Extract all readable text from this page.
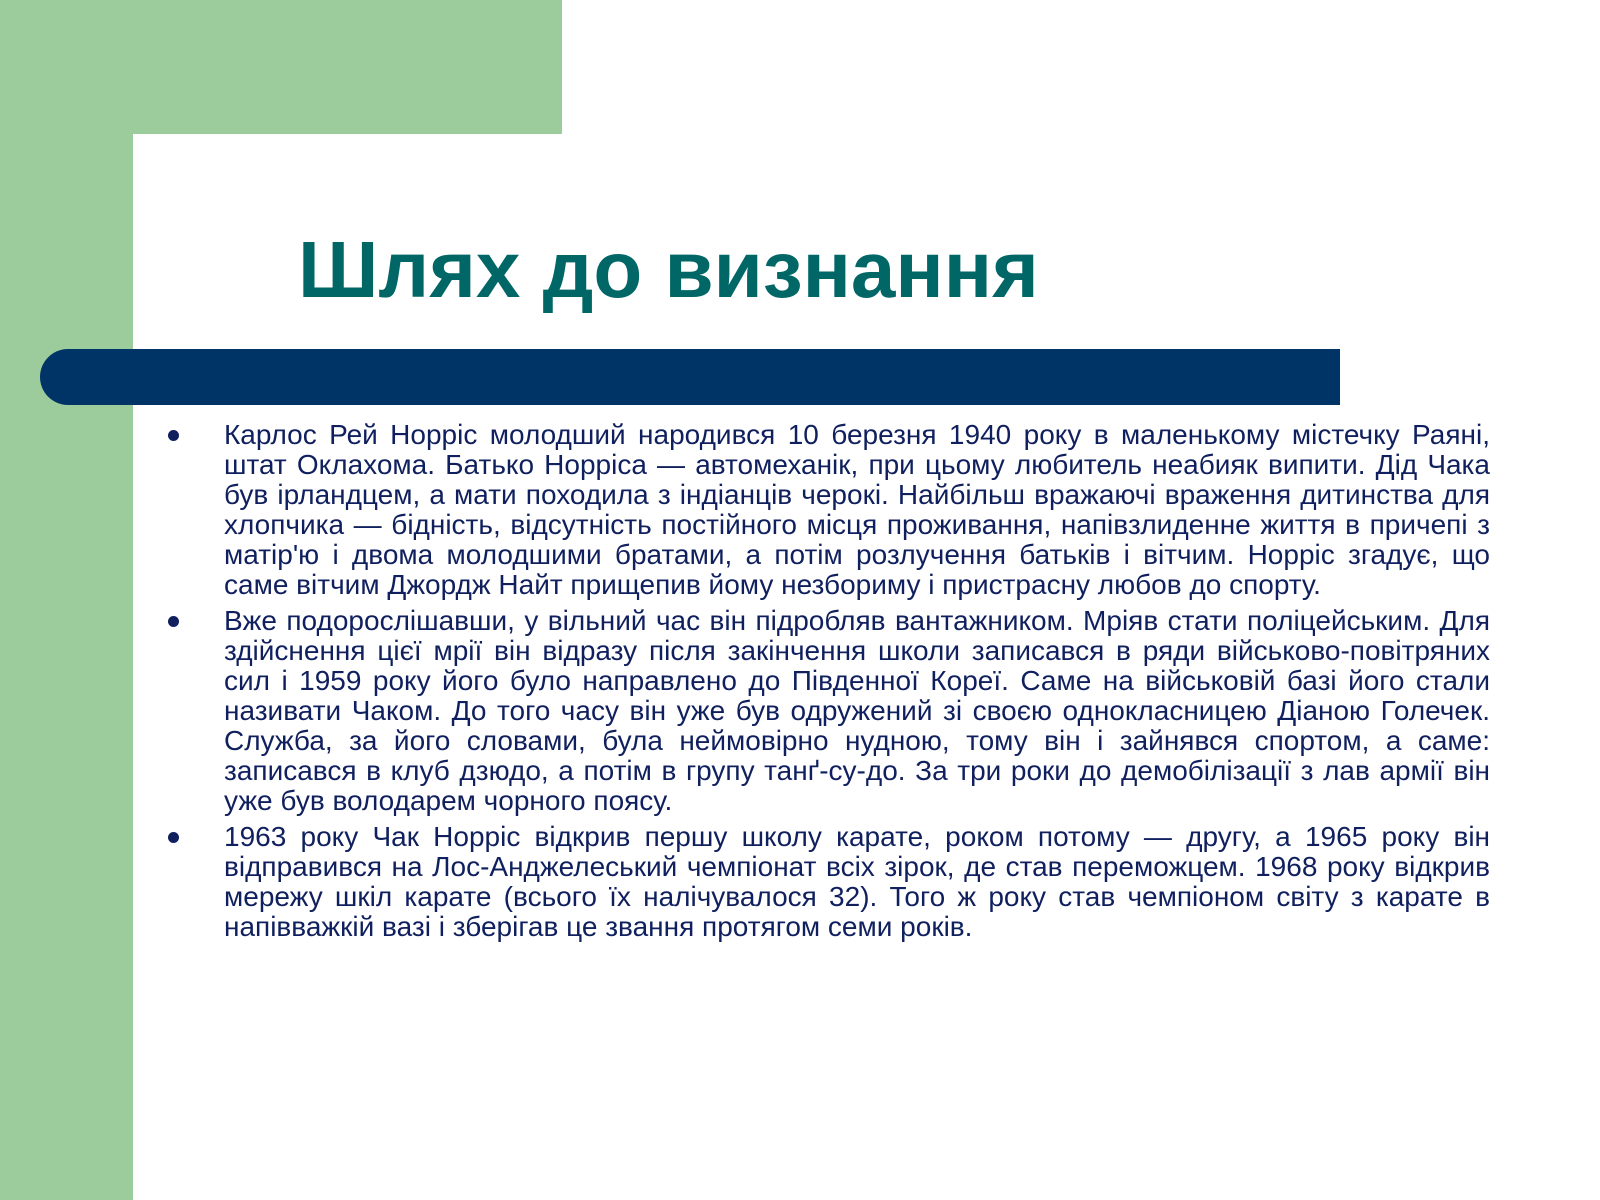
Шлях до визнання
Карлос Рей Норріс молодший народився 10 березня 1940 року в маленькому містечку Раяні, штат Оклахома. Батько Норріса — автомеханік, при цьому любитель неабияк випити. Дід Чака був ірландцем, а мати походила з індіанців черокі. Найбільш вражаючі враження дитинства для хлопчика — бідність, відсутність постійного місця проживання, напівзлиденне життя в причепі з матір'ю і двома молодшими братами, а потім розлучення батьків і вітчим. Норріс згадує, що саме вітчим Джордж Найт прищепив йому незбориму і пристрасну любов до спорту.
Вже подорослішавши, у вільний час він підробляв вантажником. Мріяв стати поліцейським. Для здійснення цієї мрії він відразу після закінчення школи записався в ряди військово-повітряних сил і 1959 року його було направлено до Південної Кореї. Саме на військовій базі його стали називати Чаком. До того часу він уже був одружений зі своєю однокласницею Діаною Голечек. Служба, за його словами, була неймовірно нудною, тому він і зайнявся спортом, а саме: записався в клуб дзюдо, а потім в групу танґ-су-до. За три роки до демобілізації з лав армії він уже був володарем чорного поясу.
1963 року Чак Норріс відкрив першу школу карате, роком потому — другу, а 1965 року він відправився на Лос-Анджелеський чемпіонат всіх зірок, де став переможцем. 1968 року відкрив мережу шкіл карате (всього їх налічувалося 32). Того ж року став чемпіоном світу з карате в напівважкій вазі і зберігав це звання протягом семи років.
